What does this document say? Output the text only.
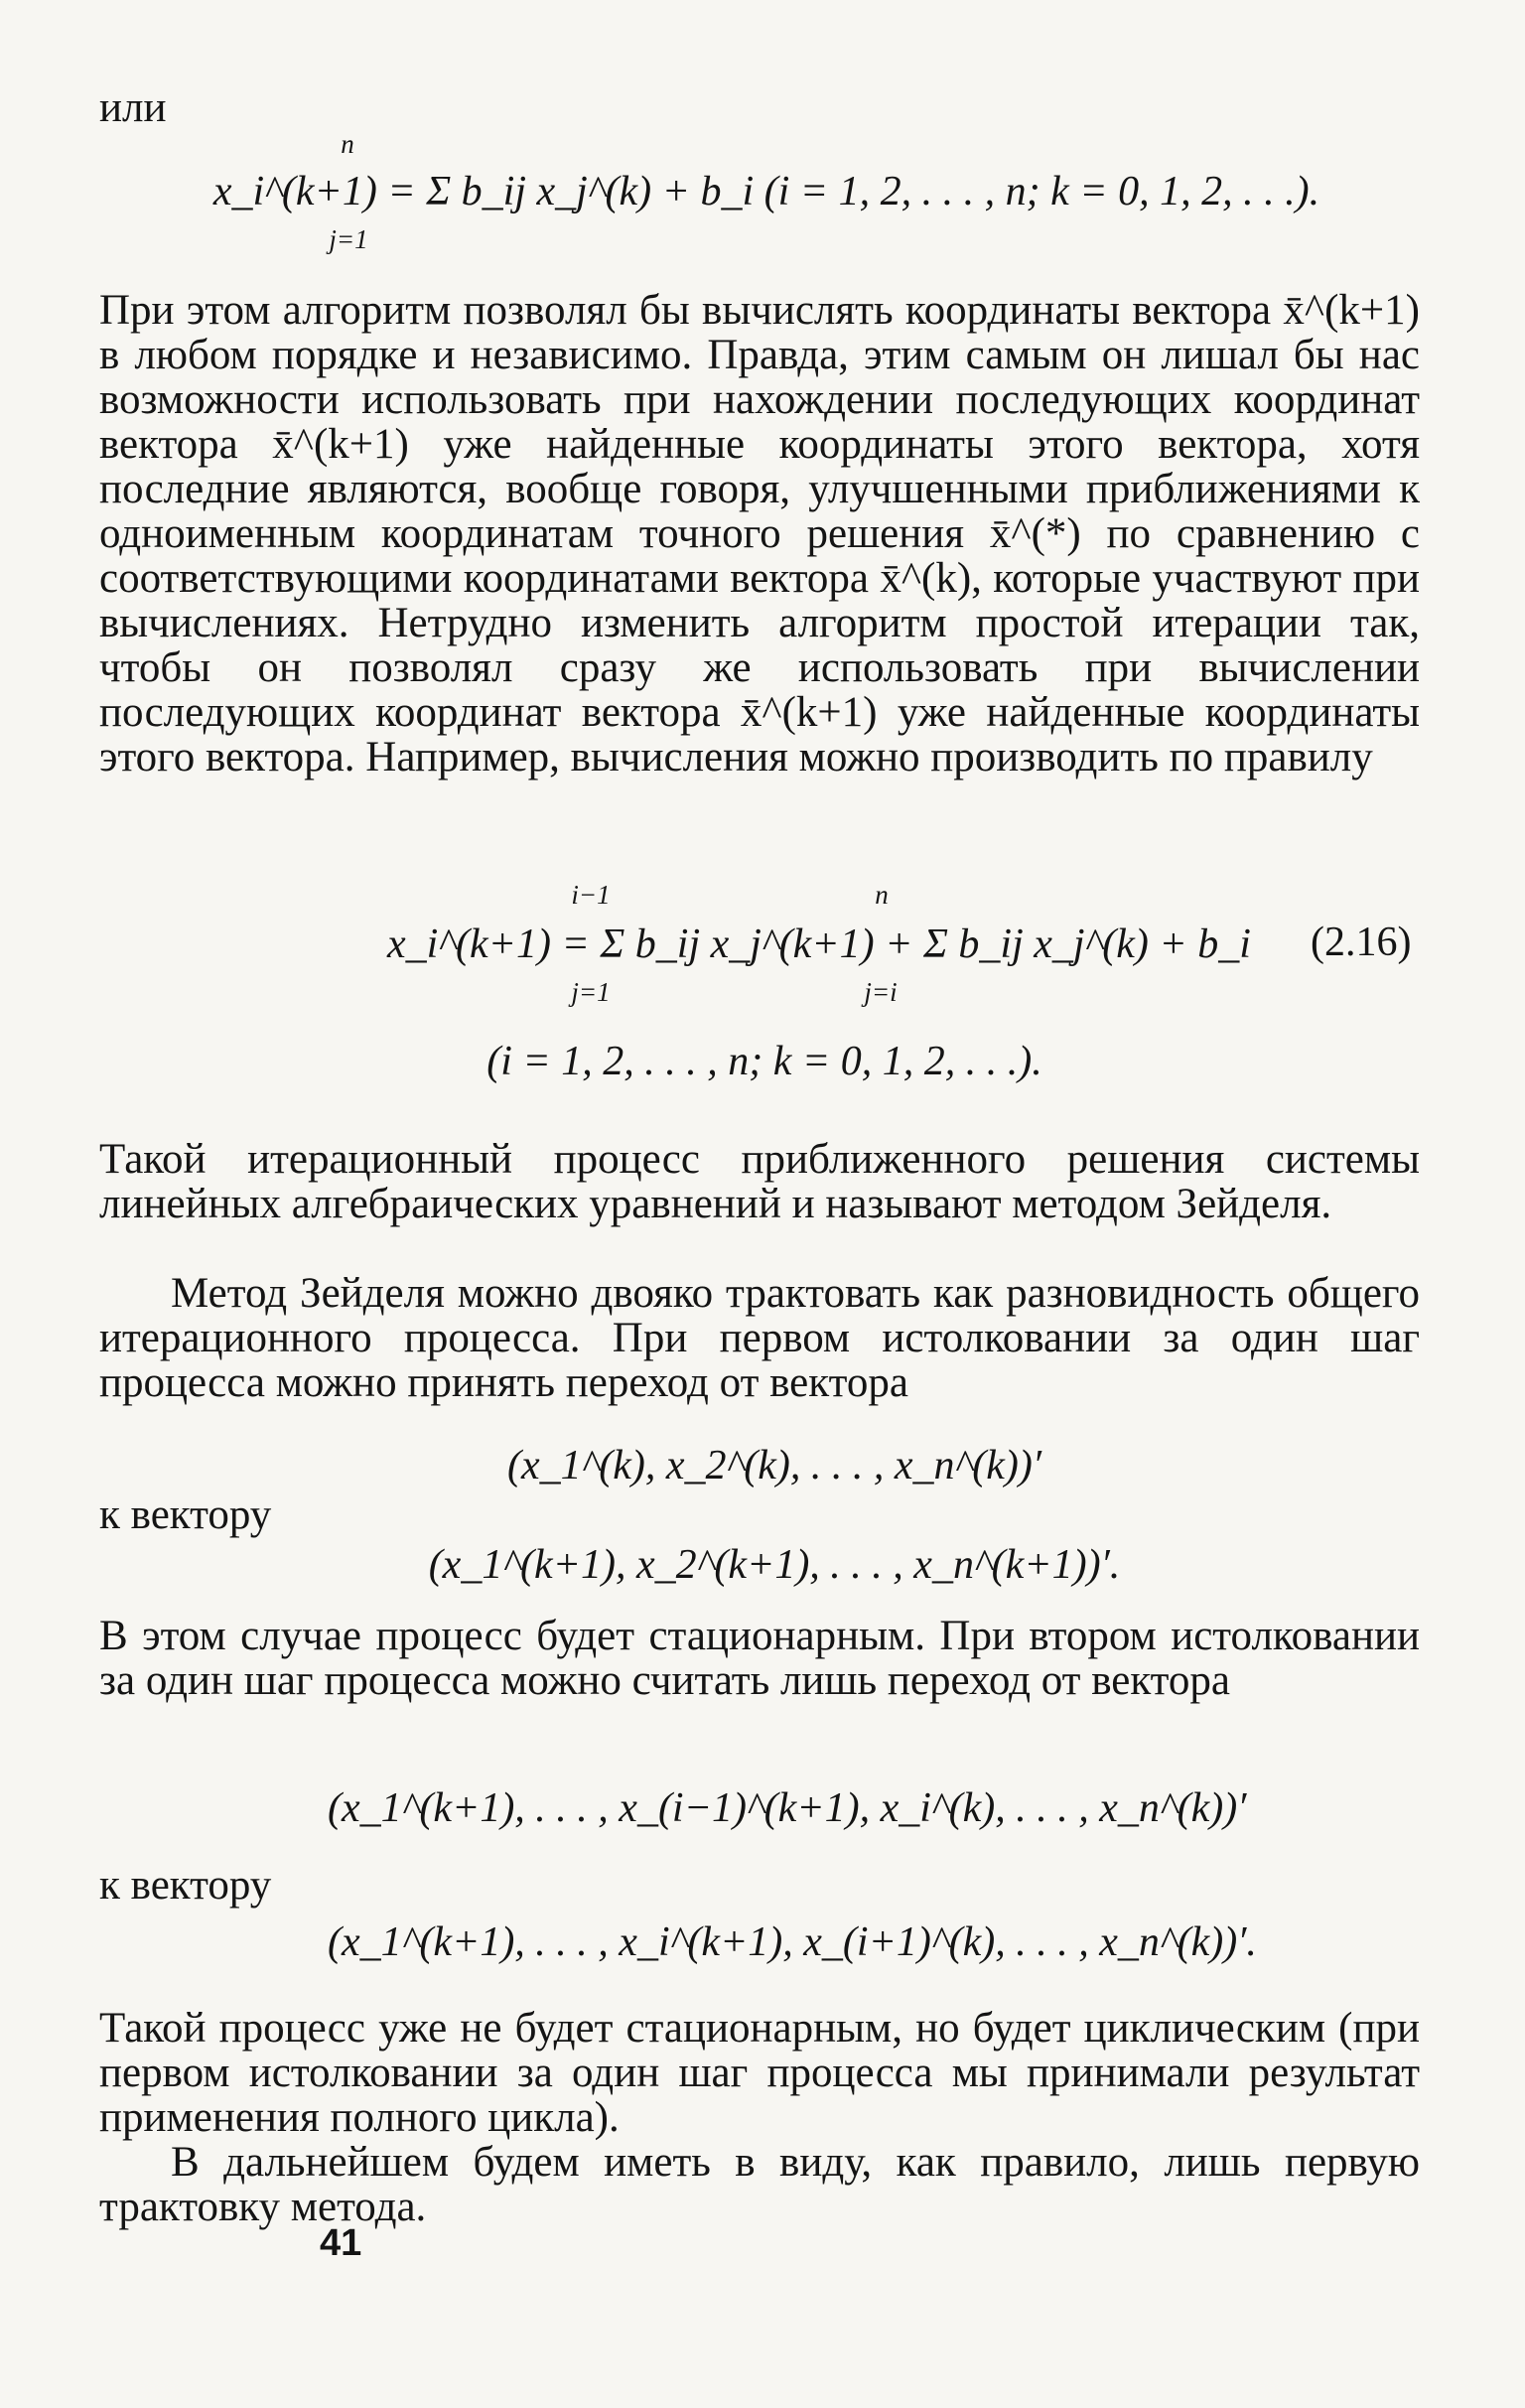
или

n

x_i^(k+1) = Σ b_ij x_j^(k) + b_i (i = 1, 2, . . . , n; k = 0, 1, 2, . . .).

j=1

При этом алгоритм позволял бы вычислять координаты вектора x̄^(k+1) в любом порядке и независимо. Правда, этим самым он лишал бы нас возможности использовать при нахождении последующих координат вектора x̄^(k+1) уже найденные координаты этого вектора, хотя последние являются, вообще говоря, улучшенными приближениями к одноименным координатам точного решения x̄^(*) по сравнению с соответствующими координатами вектора x̄^(k), которые участвуют при вычислениях. Нетрудно изменить алгоритм простой итерации так, чтобы он позволял сразу же использовать при вычислении последующих координат вектора x̄^(k+1) уже найденные координаты этого вектора. Например, вычисления можно производить по правилу

i−1	n

x_i^(k+1) = Σ b_ij x_j^(k+1) + Σ b_ij x_j^(k) + b_i

j=1	j=i
(2.16)

(i = 1, 2, . . . , n; k = 0, 1, 2, . . .).

Такой итерационный процесс приближенного решения системы линейных алгебраических уравнений и называют методом Зейделя.

Метод Зейделя можно двояко трактовать как разновидность общего итерационного процесса. При первом истолковании за один шаг процесса можно принять переход от вектора

(x_1^(k), x_2^(k), . . . , x_n^(k))′

к вектору

(x_1^(k+1), x_2^(k+1), . . . , x_n^(k+1))′.

В этом случае процесс будет стационарным. При втором истолковании за один шаг процесса можно считать лишь переход от вектора

(x_1^(k+1), . . . , x_(i−1)^(k+1), x_i^(k), . . . , x_n^(k))′

к вектору

(x_1^(k+1), . . . , x_i^(k+1), x_(i+1)^(k), . . . , x_n^(k))′.

Такой процесс уже не будет стационарным, но будет циклическим (при первом истолковании за один шаг процесса мы принимали результат применения полного цикла).

В дальнейшем будем иметь в виду, как правило, лишь первую трактовку метода.

41
